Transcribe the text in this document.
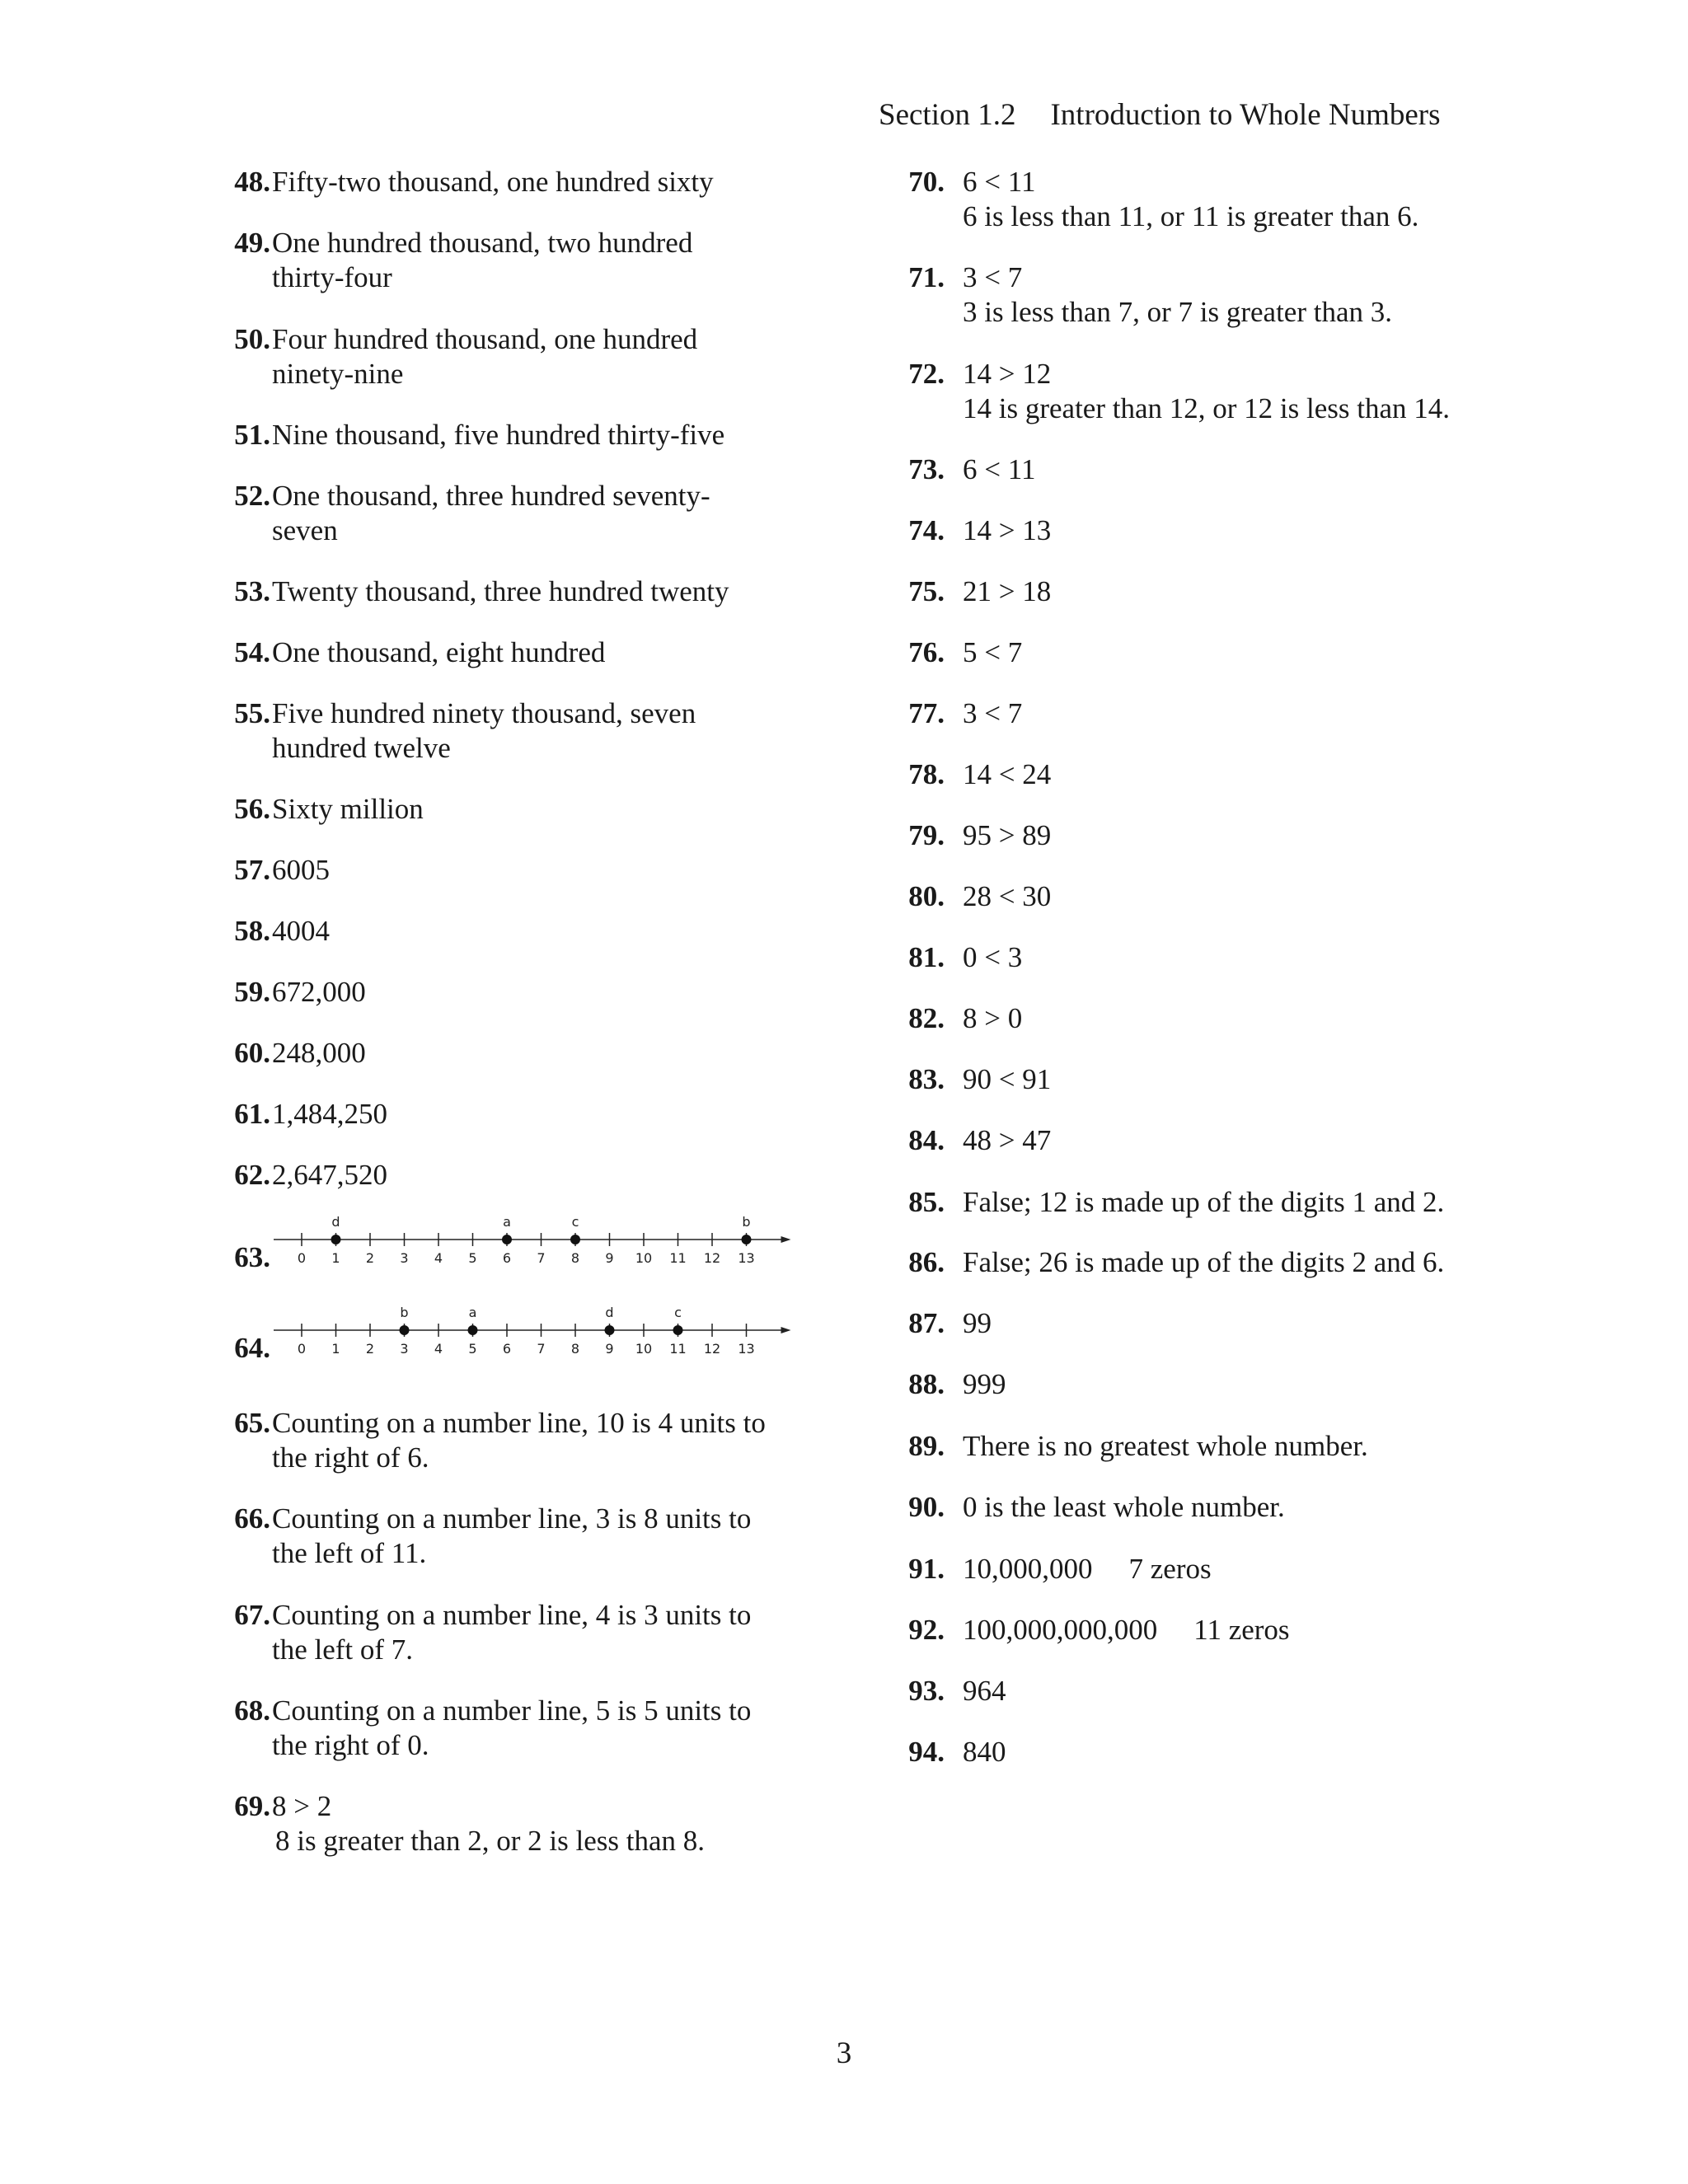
Section 1.2 Introduction to Whole Numbers
48. Fifty-two thousand, one hundred sixty
49. One hundred thousand, two hundred
thirty-four
50. Four hundred thousand, one hundred
ninety-nine
51. Nine thousand, five hundred thirty-five
52. One thousand, three hundred seventy-
seven
53. Twenty thousand, three hundred twenty
54. One thousand, eight hundred
55. Five hundred ninety thousand, seven
hundred twelve
56. Sixty million
57. 6005
58. 4004
59. 672,000
60. 248,000
61. 1,484,250
62. 2,647,520
63. 0 1 2 3 4 5 6 7 8 9 10 11 12 13
d	a	c	b
64. 0 1 2 3 4 5 6 7 8 9 10 11 12 13
b	a	d	c
65. Counting on a number line, 10 is 4 units to
the right of 6.
66. Counting on a number line, 3 is 8 units to
the left of 11.
67. Counting on a number line, 4 is 3 units to
the left of 7.
68. Counting on a number line, 5 is 5 units to
the right of 0.
69. 8 > 2
8 is greater than 2, or 2 is less than 8.
70. 6 < 11
6 is less than 11, or 11 is greater than 6.
71. 3 < 7
3 is less than 7, or 7 is greater than 3.
72. 14 > 12
14 is greater than 12, or 12 is less than 14.
73. 6 < 11
74. 14 > 13
75. 21 > 18
76. 5 < 7
77. 3 < 7
78. 14 < 24
79. 95 > 89
80. 28 < 30
81. 0 < 3
82. 8 > 0
83. 90 < 91
84. 48 > 47
85. False; 12 is made up of the digits 1 and 2.
86. False; 26 is made up of the digits 2 and 6.
87. 99
88. 999
89. There is no greatest whole number.
90. 0 is the least whole number.
91. 10,000,000 7 zeros
92. 100,000,000,000 11 zeros
93. 964
94. 840
3
